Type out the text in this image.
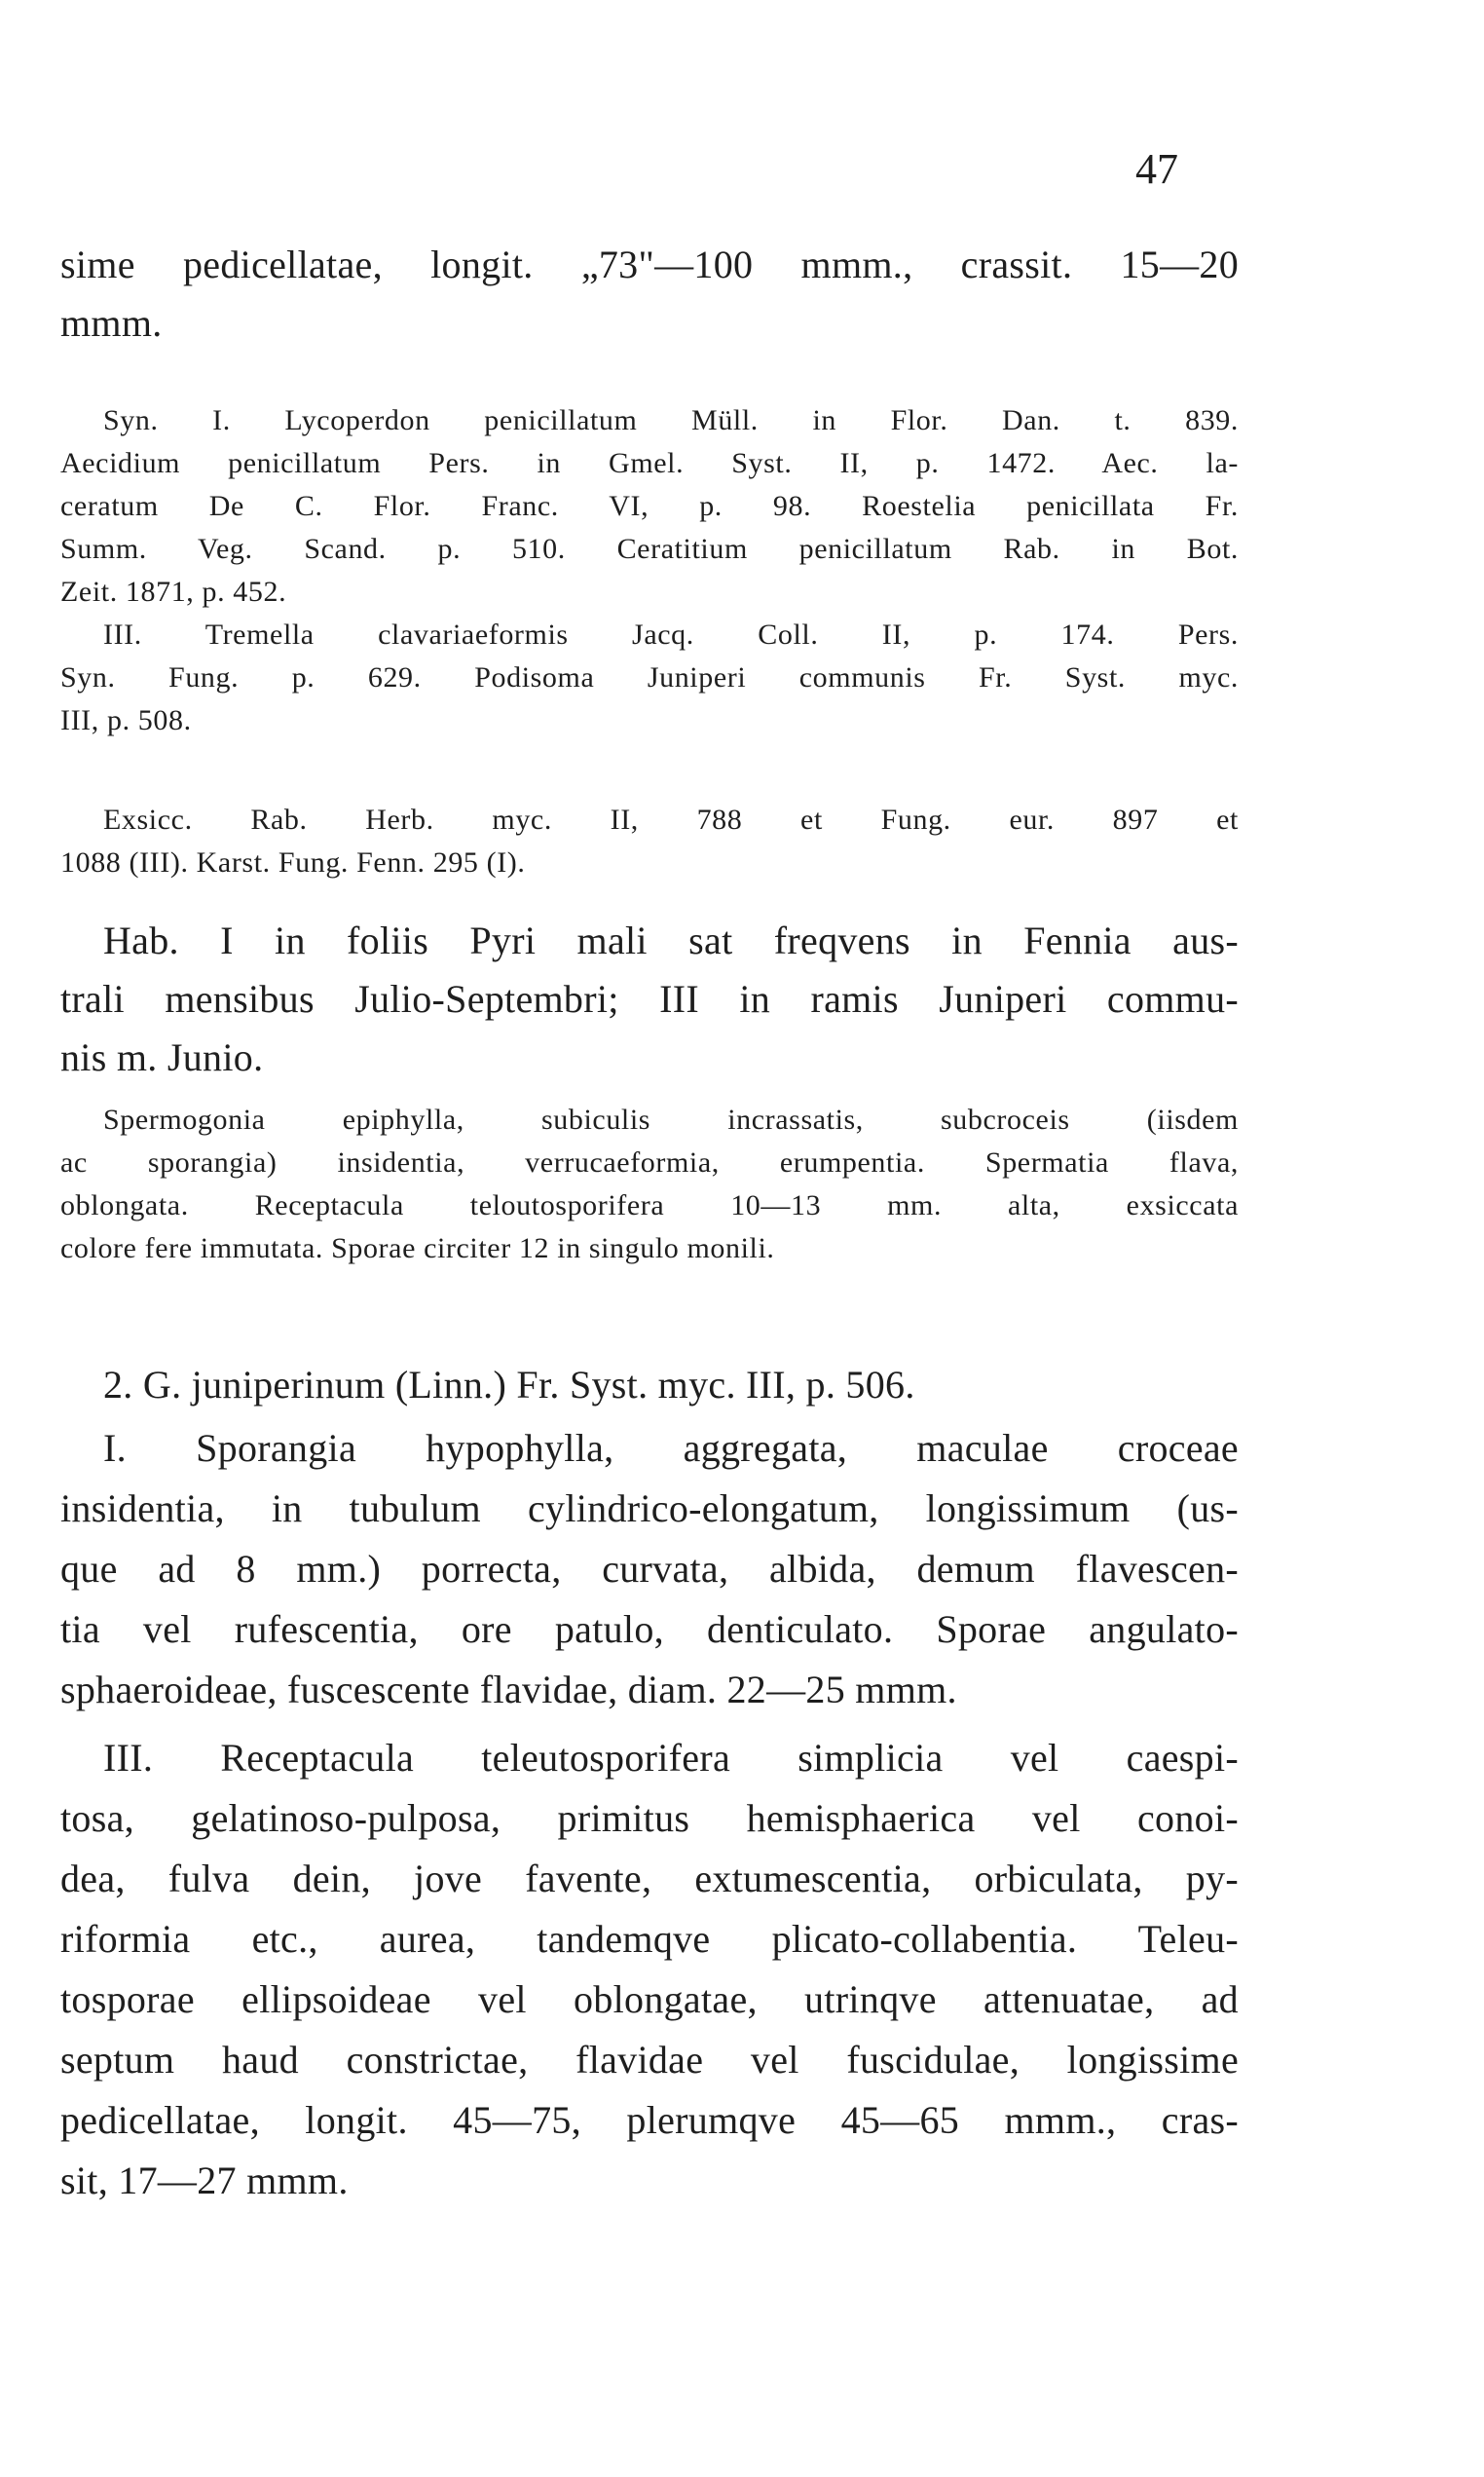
47
sime pedicellatae, longit. „73"—100 mmm., crassit. 15—20
mmm.
Syn. I. Lycoperdon penicillatum Müll. in Flor. Dan. t. 839.
Aecidium penicillatum Pers. in Gmel. Syst. II, p. 1472. Aec. la-
ceratum De C. Flor. Franc. VI, p. 98. Roestelia penicillata Fr.
Summ. Veg. Scand. p. 510. Ceratitium penicillatum Rab. in Bot.
Zeit. 1871, p. 452.
III. Tremella clavariaeformis Jacq. Coll. II, p. 174. Pers.
Syn. Fung. p. 629. Podisoma Juniperi communis Fr. Syst. myc.
III, p. 508.
Exsicc. Rab. Herb. myc. II, 788 et Fung. eur. 897 et
1088 (III). Karst. Fung. Fenn. 295 (I).
Hab. I in foliis Pyri mali sat freqvens in Fennia aus-
trali mensibus Julio-Septembri; III in ramis Juniperi commu-
nis m. Junio.
Spermogonia epiphylla, subiculis incrassatis, subcroceis (iisdem
ac sporangia) insidentia, verrucaeformia, erumpentia. Spermatia flava,
oblongata. Receptacula teloutosporifera 10—13 mm. alta, exsiccata
colore fere immutata. Sporae circiter 12 in singulo monili.
2. G. juniperinum (Linn.) Fr. Syst. myc. III, p. 506.
I. Sporangia hypophylla, aggregata, maculae croceae
insidentia, in tubulum cylindrico-elongatum, longissimum (us-
que ad 8 mm.) porrecta, curvata, albida, demum flavescen-
tia vel rufescentia, ore patulo, denticulato. Sporae angulato-
sphaeroideae, fuscescente flavidae, diam. 22—25 mmm.
III. Receptacula teleutosporifera simplicia vel caespi-
tosa, gelatinoso-pulposa, primitus hemisphaerica vel conoi-
dea, fulva dein, jove favente, extumescentia, orbiculata, py-
riformia etc., aurea, tandemqve plicato-collabentia. Teleu-
tosporae ellipsoideae vel oblongatae, utrinqve attenuatae, ad
septum haud constrictae, flavidae vel fuscidulae, longissime
pedicellatae, longit. 45—75, plerumqve 45—65 mmm., cras-
sit, 17—27 mmm.
